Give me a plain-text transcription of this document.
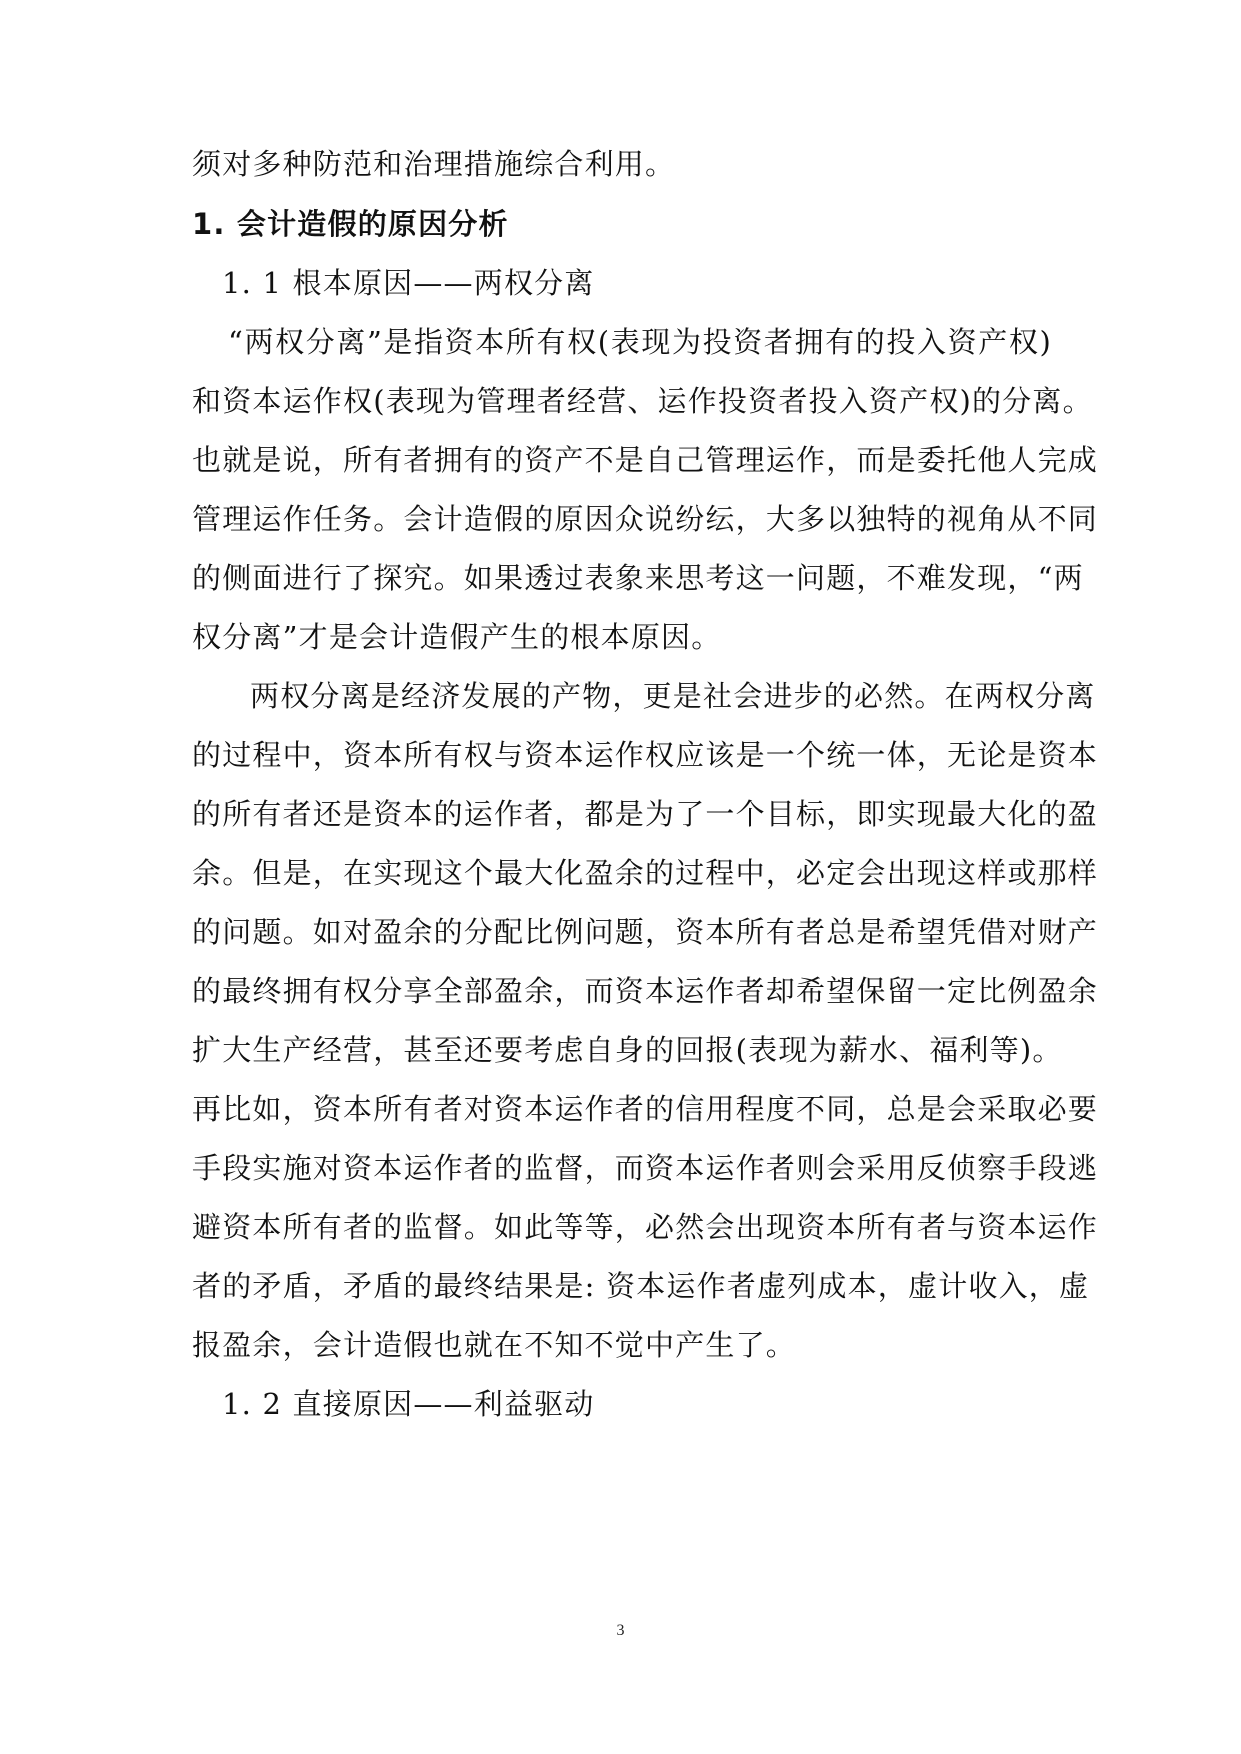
须对多种防范和治理措施综合利用。
1. 会计造假的原因分析
1. 1 根本原因——两权分离
“两权分离”是指资本所有权(表现为投资者拥有的投入资产权)
和资本运作权(表现为管理者经营、运作投资者投入资产权)的分离。
也就是说，所有者拥有的资产不是自己管理运作，而是委托他人完成
管理运作任务。会计造假的原因众说纷纭，大多以独特的视角从不同
的侧面进行了探究。如果透过表象来思考这一问题，不难发现，“两
权分离”才是会计造假产生的根本原因。
两权分离是经济发展的产物，更是社会进步的必然。在两权分离
的过程中，资本所有权与资本运作权应该是一个统一体，无论是资本
的所有者还是资本的运作者，都是为了一个目标，即实现最大化的盈
余。但是，在实现这个最大化盈余的过程中，必定会出现这样或那样
的问题。如对盈余的分配比例问题，资本所有者总是希望凭借对财产
的最终拥有权分享全部盈余，而资本运作者却希望保留一定比例盈余
扩大生产经营，甚至还要考虑自身的回报(表现为薪水、福利等)。
再比如，资本所有者对资本运作者的信用程度不同，总是会采取必要
手段实施对资本运作者的监督，而资本运作者则会采用反侦察手段逃
避资本所有者的监督。如此等等，必然会出现资本所有者与资本运作
者的矛盾，矛盾的最终结果是: 资本运作者虚列成本，虚计收入，虚
报盈余，会计造假也就在不知不觉中产生了。
1. 2 直接原因——利益驱动
3
